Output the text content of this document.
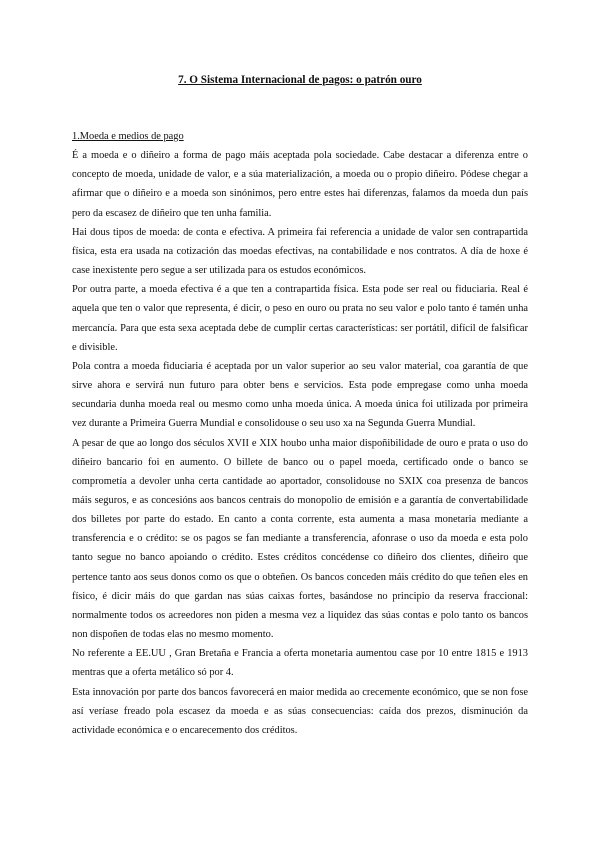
7. O Sistema Internacional de pagos: o patrón ouro

1.Moeda e medios de pago

É a moeda e o diñeiro a forma de pago máis aceptada pola sociedade. Cabe destacar a diferenza entre o concepto de moeda, unidade de valor, e a súa materialización, a moeda ou o propio diñeiro. Pódese chegar a afirmar que o diñeiro e a moeda son sinónimos, pero entre estes hai diferenzas, falamos da moeda dun país pero da escasez de diñeiro que ten unha familia.

Hai dous tipos de moeda: de conta e efectiva. A primeira fai referencia a unidade de valor sen contrapartida física, esta era usada na cotización das moedas efectivas, na contabilidade e nos contratos. A día de hoxe é case inexistente pero segue a ser utilizada para os estudos económicos.

Por outra parte, a moeda efectiva é a que ten a contrapartida física. Esta pode ser real ou fiduciaria. Real é aquela que ten o valor que representa, é dicir, o peso en ouro ou prata no seu valor e polo tanto é tamén unha mercancía. Para que esta sexa aceptada debe de cumplir certas características: ser portátil, difícil de falsificar e divisible.

Pola contra a moeda fiduciaria é aceptada por un valor superior ao seu valor material, coa garantía de que sirve ahora e servirá nun futuro para obter bens e servicios. Esta pode empregase como unha moeda secundaria dunha moeda real ou mesmo como unha moeda única. A moeda única foi utilizada por primeira vez durante a Primeira Guerra Mundial e consolidouse o seu uso xa na Segunda Guerra Mundial.

A pesar de que ao longo dos séculos XVII e XIX houbo unha maior dispoñibilidade de ouro e prata o uso do diñeiro bancario foi en aumento. O billete de banco ou o papel moeda, certificado onde o banco se comprometía a devoler unha certa cantidade ao aportador, consolidouse no SXIX coa presenza de bancos máis seguros, e as concesións aos bancos centrais do monopolio de emisión e a garantía de convertabilidade dos billetes por parte do estado. En canto a conta corrente, esta aumenta a masa monetaria mediante a transferencia e o crédito: se os pagos se fan mediante a transferencia, afonrase o uso da moeda e esta polo tanto segue no banco apoiando o crédito. Estes créditos concédense co diñeiro dos clientes, diñeiro que pertence tanto aos seus donos como os que o obteñen. Os bancos conceden máis crédito do que teñen eles en físico, é dicir máis do que gardan nas súas caixas fortes, basándose no principio da reserva fraccional: normalmente todos os acreedores non piden a mesma vez a liquidez das súas contas e polo tanto os bancos non dispoñen de todas elas no mesmo momento.

No referente a EE.UU , Gran Bretaña e Francia a oferta monetaria aumentou case por 10 entre 1815 e 1913 mentras que a oferta metálico só por 4.

Esta innovación por parte dos bancos favorecerá en maior medida ao crecemente económico, que se non fose así veríase freado pola escasez da moeda e as súas consecuencias: caída dos prezos, disminución da actividade económica e o encarecemento dos créditos.
